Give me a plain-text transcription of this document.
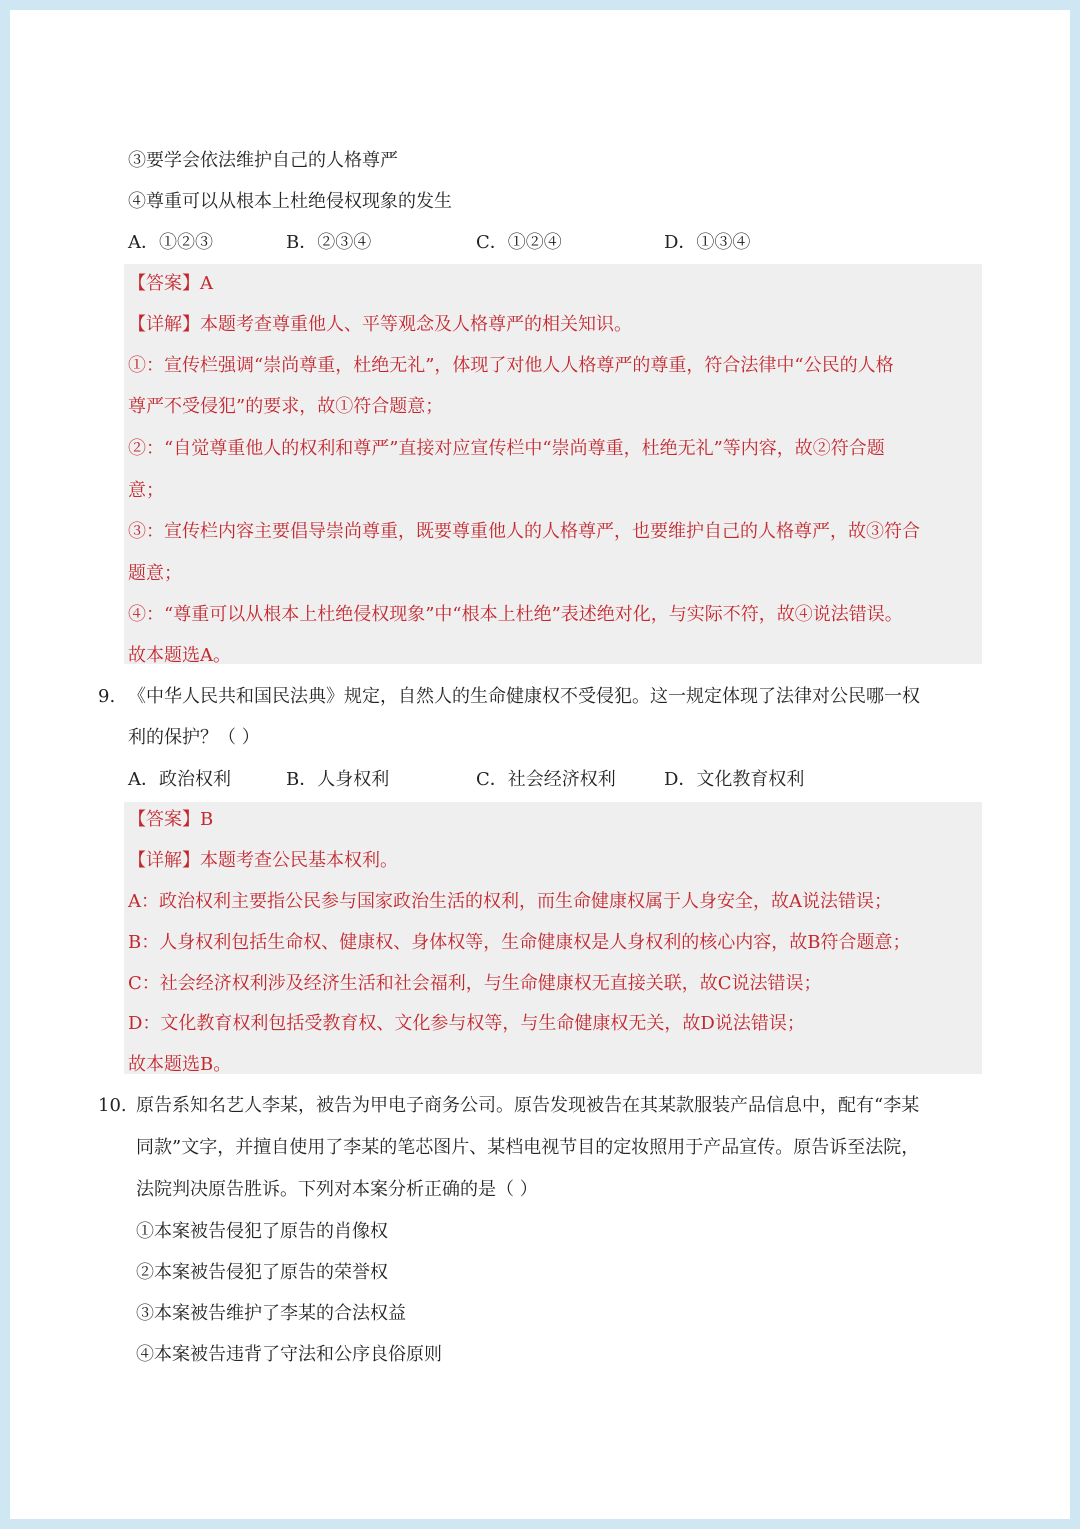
③要学会依法维护自己的人格尊严
④尊重可以从根本上杜绝侵权现象的发生
A．①②③	B．②③④	C．①②④	D．①③④
【答案】A
【详解】本题考查尊重他人、平等观念及人格尊严的相关知识。
①：宣传栏强调“崇尚尊重，杜绝无礼”，体现了对他人人格尊严的尊重，符合法律中“公民的人格
尊严不受侵犯”的要求，故①符合题意；
②：“自觉尊重他人的权利和尊严”直接对应宣传栏中“崇尚尊重，杜绝无礼”等内容，故②符合题
意；
③：宣传栏内容主要倡导崇尚尊重，既要尊重他人的人格尊严，也要维护自己的人格尊严，故③符合
题意；
④：“尊重可以从根本上杜绝侵权现象”中“根本上杜绝”表述绝对化，与实际不符，故④说法错误。
故本题选A。
9. 《中华人民共和国民法典》规定，自然人的生命健康权不受侵犯。这一规定体现了法律对公民哪一权
利的保护？（ ）
A．政治权利	B．人身权利	C．社会经济权利	D．文化教育权利
【答案】B
【详解】本题考查公民基本权利。
A：政治权利主要指公民参与国家政治生活的权利，而生命健康权属于人身安全，故A说法错误；
B：人身权利包括生命权、健康权、身体权等，生命健康权是人身权利的核心内容，故B符合题意；
C：社会经济权利涉及经济生活和社会福利，与生命健康权无直接关联，故C说法错误；
D：文化教育权利包括受教育权、文化参与权等，与生命健康权无关，故D说法错误；
故本题选B。
10. 原告系知名艺人李某，被告为甲电子商务公司。原告发现被告在其某款服装产品信息中，配有“李某
同款”文字，并擅自使用了李某的笔芯图片、某档电视节目的定妆照用于产品宣传。原告诉至法院，
法院判决原告胜诉。下列对本案分析正确的是（ ）
①本案被告侵犯了原告的肖像权
②本案被告侵犯了原告的荣誉权
③本案被告维护了李某的合法权益
④本案被告违背了守法和公序良俗原则
